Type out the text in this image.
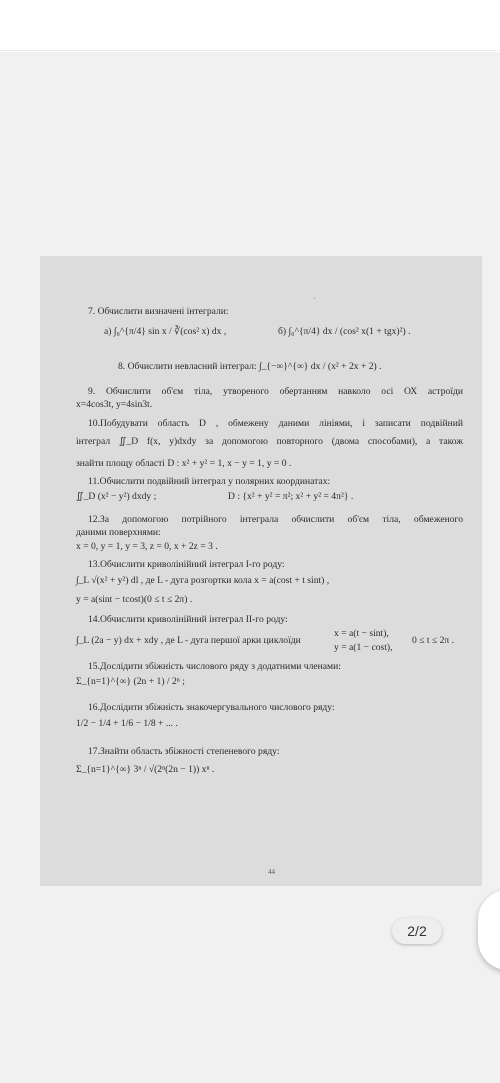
7. Обчислити визначені інтеграли:
а) ∫₀^{π/4} sin x / ∛(cos² x) dx ,	б) ∫₀^{π/4} dx / (cos² x(1 + tgx)²) .
8. Обчислити невласний інтеграл: ∫_{−∞}^{∞} dx / (x² + 2x + 2) .
9. Обчислити об'єм тіла, утвореного обертанням навколо осі ОХ астроїди
x=4cos3t, y=4sin3t.
10.Побудувати область D , обмежену даними лініями, і записати подвійний
інтеграл ∬_D f(x, y)dxdy за допомогою повторного (двома способами), а також
знайти площу області D : x² + y² = 1, x − y = 1, y = 0 .
11.Обчислити подвійний інтеграл у полярних координатах:
∬_D (x² − y²) dxdy ;	D : {x² + y² = π²; x² + y² = 4π²} .
12.За допомогою потрійного інтеграла обчислити об'єм тіла, обмеженого
даними поверхнями:
x = 0, y = 1, y = 3, z = 0, x + 2z = 3 .
13.Обчислити криволінійний інтеграл І-го роду:
∫_L √(x² + y²) dl , де L - дуга розгортки кола x = a(cost + t sint) ,
y = a(sint − tcost)(0 ≤ t ≤ 2π) .
14.Обчислити криволінійний інтеграл ІІ-го роду:
∫_L (2a − y) dx + xdy , де L - дуга першої арки циклоїди
x = a(t − sint),
y = a(1 − cost),
0 ≤ t ≤ 2π .
15.Дослідити збіжність числового ряду з додатними членами:
Σ_{n=1}^{∞} (2n + 1) / 2ⁿ ;
16.Дослідити збіжність знакочергувального числового ряду:
1/2 − 1/4 + 1/6 − 1/8 + ... .
17.Знайти область збіжності степеневого ряду:
Σ_{n=1}^{∞} 3ⁿ / √(2ⁿ(2n − 1)) xⁿ .
44
·
2/2
